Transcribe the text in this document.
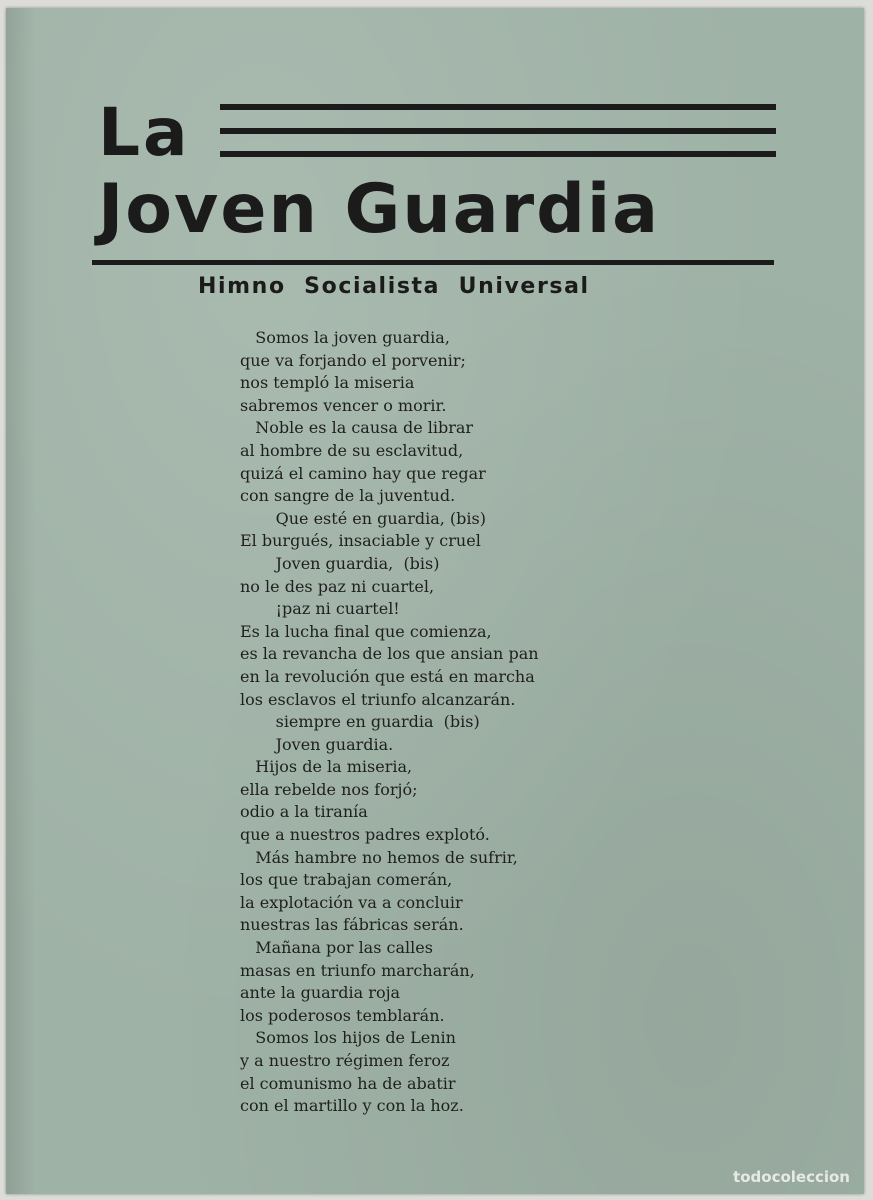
La
Joven Guardia
Himno  Socialista  Universal
Somos la joven guardia,
que va forjando el porvenir;
nos templó la miseria
sabremos vencer o morir.
Noble es la causa de librar
al hombre de su esclavitud,
quizá el camino hay que regar
con sangre de la juventud.
Que esté en guardia, (bis)
El burgués, insaciable y cruel
Joven guardia,  (bis)
no le des paz ni cuartel,
¡paz ni cuartel!
Es la lucha final que comienza,
es la revancha de los que ansian pan
en la revolución que está en marcha
los esclavos el triunfo alcanzarán.
siempre en guardia  (bis)
Joven guardia.
Hijos de la miseria,
ella rebelde nos forjó;
odio a la tiranía
que a nuestros padres explotó.
Más hambre no hemos de sufrir,
los que trabajan comerán,
la explotación va a concluir
nuestras las fábricas serán.
Mañana por las calles
masas en triunfo marcharán,
ante la guardia roja
los poderosos temblarán.
Somos los hijos de Lenin
y a nuestro régimen feroz
el comunismo ha de abatir
con el martillo y con la hoz.

todocoleccion
